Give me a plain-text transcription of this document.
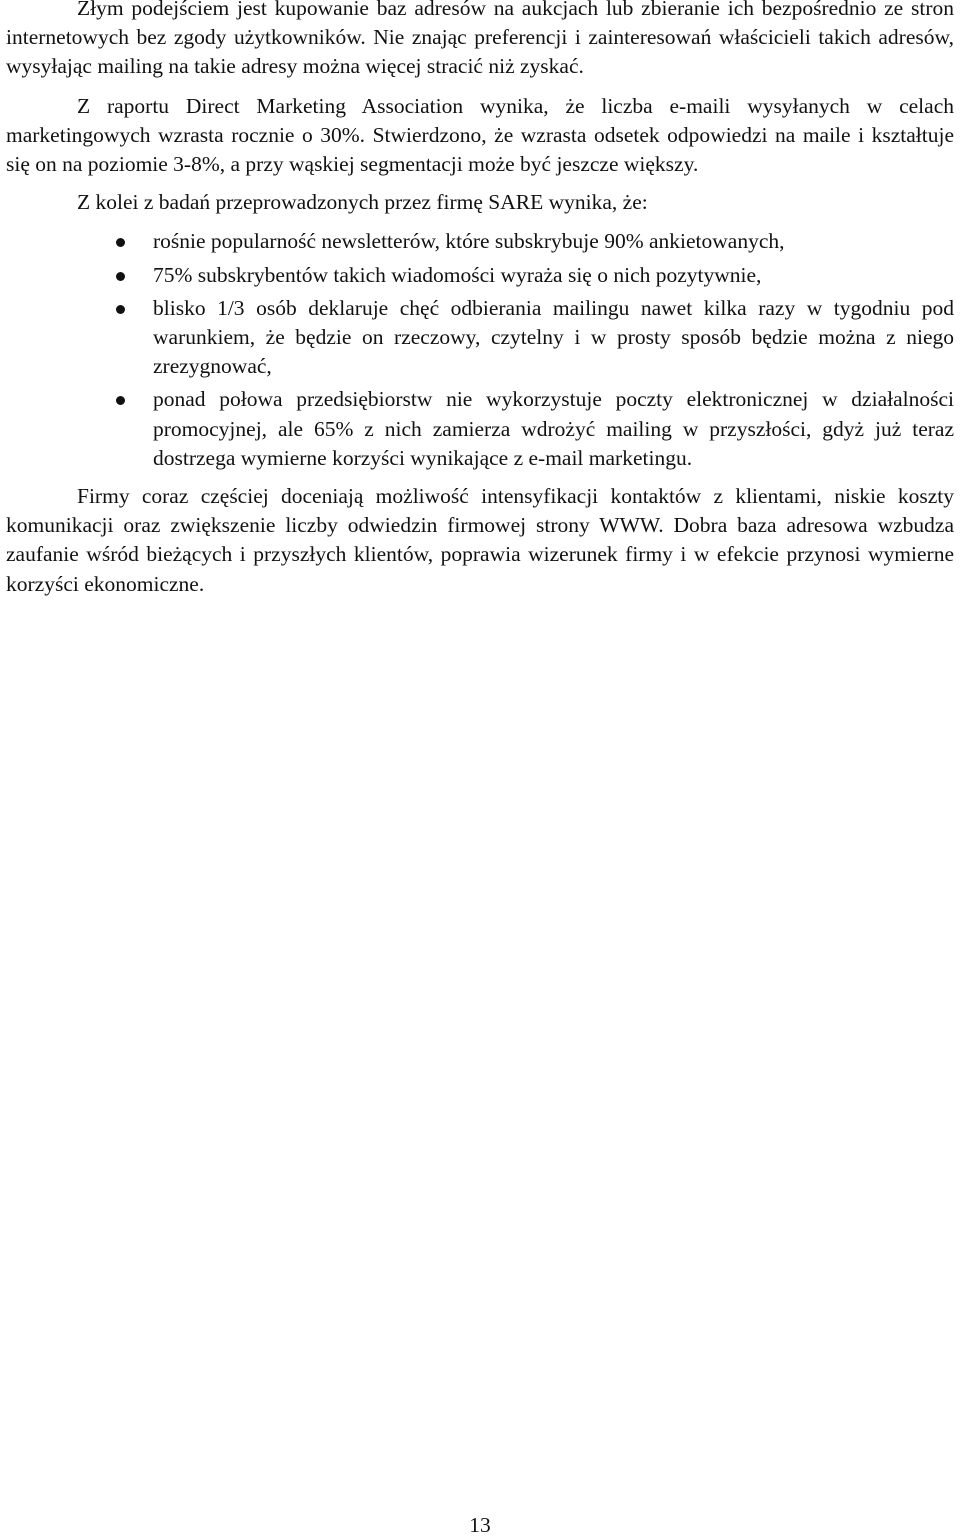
Złym podejściem jest kupowanie baz adresów na aukcjach lub zbieranie ich bezpośrednio ze stron internetowych bez zgody użytkowników. Nie znając preferencji i zainteresowań właścicieli takich adresów, wysyłając mailing na takie adresy można więcej stracić niż zyskać.

Z raportu Direct Marketing Association wynika, że liczba e-maili wysyłanych w celach marketingowych wzrasta rocznie o 30%. Stwierdzono, że wzrasta odsetek odpowiedzi na maile i kształtuje się on na poziomie 3-8%, a przy wąskiej segmentacji może być jeszcze większy.

Z kolei z badań przeprowadzonych przez firmę SARE wynika, że:

rośnie popularność newsletterów, które subskrybuje 90% ankietowanych,
75% subskrybentów takich wiadomości wyraża się o nich pozytywnie,
blisko 1/3 osób deklaruje chęć odbierania mailingu nawet kilka razy w tygodniu pod warunkiem, że będzie on rzeczowy, czytelny i w prosty sposób będzie można z niego zrezygnować,
ponad połowa przedsiębiorstw nie wykorzystuje poczty elektronicznej w działalności promocyjnej, ale 65% z nich zamierza wdrożyć mailing w przyszłości, gdyż już teraz dostrzega wymierne korzyści wynikające z e-mail marketingu.

Firmy coraz częściej doceniają możliwość intensyfikacji kontaktów z klientami, niskie koszty komunikacji oraz zwiększenie liczby odwiedzin firmowej strony WWW. Dobra baza adresowa wzbudza zaufanie wśród bieżących i przyszłych klientów, poprawia wizerunek firmy i w efekcie przynosi wymierne korzyści ekonomiczne.

13
